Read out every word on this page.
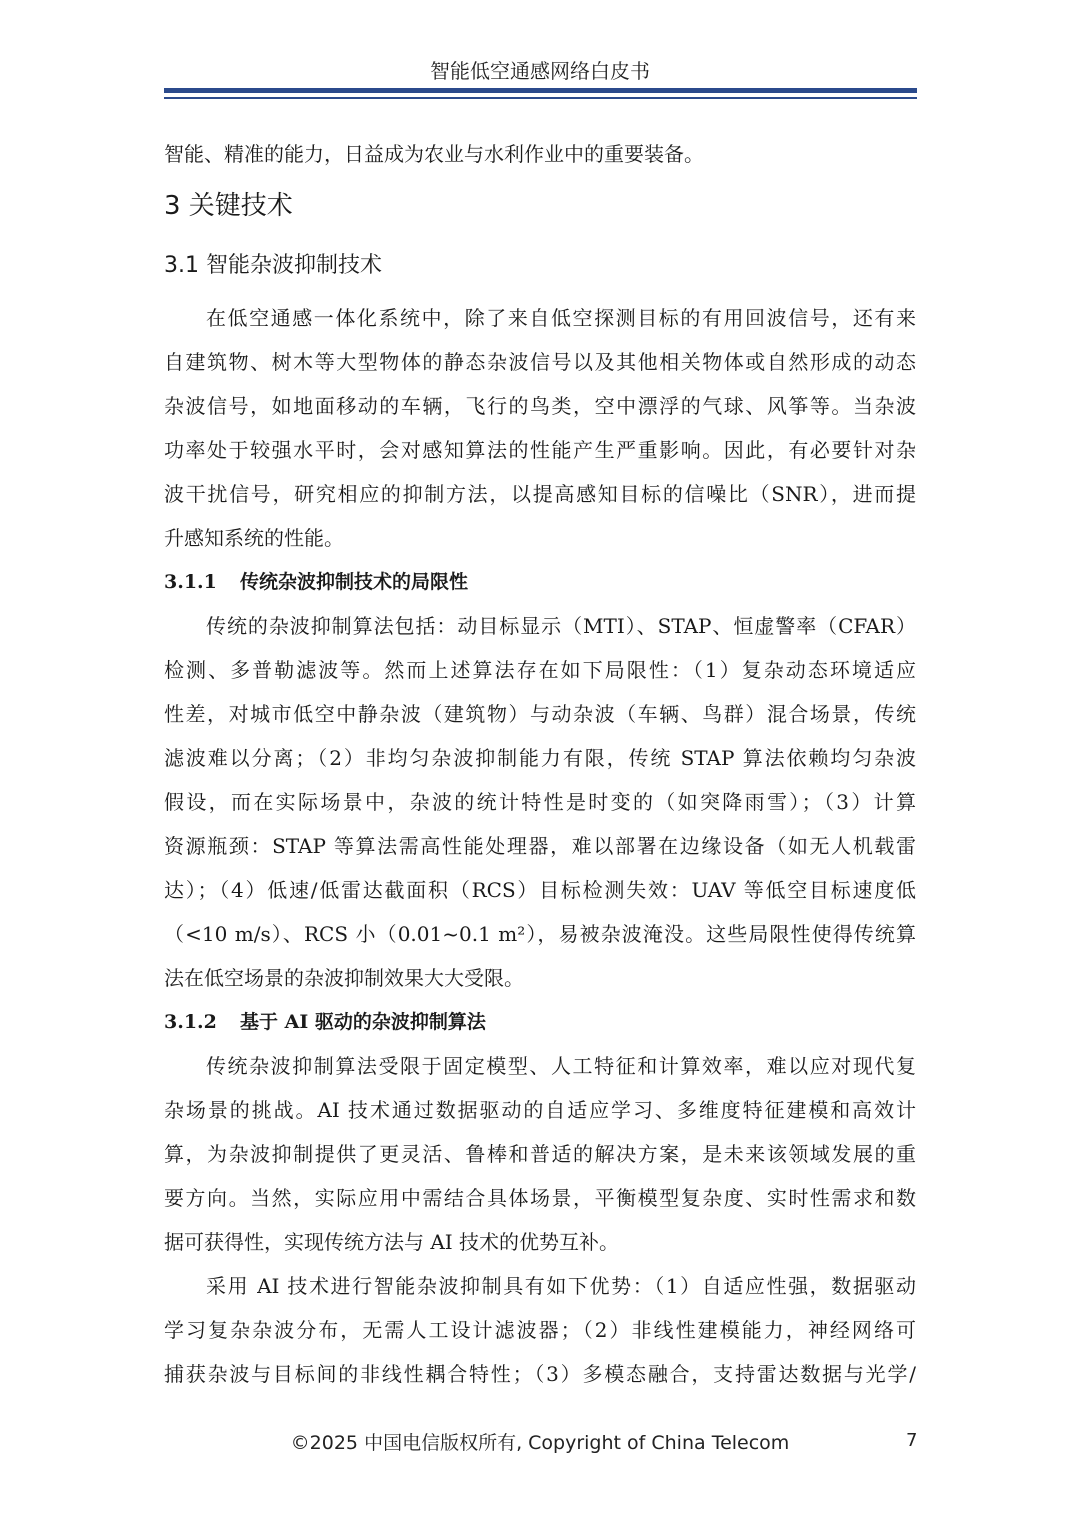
智能低空通感网络白皮书
智能、精准的能力，日益成为农业与水利作业中的重要装备。
3 关键技术
3.1 智能杂波抑制技术
在低空通感一体化系统中，除了来自低空探测目标的有用回波信号，还有来
自建筑物、树木等大型物体的静态杂波信号以及其他相关物体或自然形成的动态
杂波信号，如地面移动的车辆，飞行的鸟类，空中漂浮的气球、风筝等。当杂波
功率处于较强水平时，会对感知算法的性能产生严重影响。因此，有必要针对杂
波干扰信号，研究相应的抑制方法，以提高感知目标的信噪比（SNR），进而提
升感知系统的性能。
3.1.1 传统杂波抑制技术的局限性
传统的杂波抑制算法包括：动目标显示（MTI）、STAP、恒虚警率（CFAR）
检测、多普勒滤波等。然而上述算法存在如下局限性：（1）复杂动态环境适应
性差，对城市低空中静杂波（建筑物）与动杂波（车辆、鸟群）混合场景，传统
滤波难以分离；（2）非均匀杂波抑制能力有限，传统 STAP 算法依赖均匀杂波
假设，而在实际场景中，杂波的统计特性是时变的（如突降雨雪）；（3）计算
资源瓶颈：STAP 等算法需高性能处理器，难以部署在边缘设备（如无人机载雷
达）；（4）低速/低雷达截面积（RCS）目标检测失效：UAV 等低空目标速度低
（<10 m/s）、RCS 小（0.01~0.1 m²），易被杂波淹没。这些局限性使得传统算
法在低空场景的杂波抑制效果大大受限。
3.1.2 基于 AI 驱动的杂波抑制算法
传统杂波抑制算法受限于固定模型、人工特征和计算效率，难以应对现代复
杂场景的挑战。AI 技术通过数据驱动的自适应学习、多维度特征建模和高效计
算，为杂波抑制提供了更灵活、鲁棒和普适的解决方案，是未来该领域发展的重
要方向。当然，实际应用中需结合具体场景，平衡模型复杂度、实时性需求和数
据可获得性，实现传统方法与 AI 技术的优势互补。
采用 AI 技术进行智能杂波抑制具有如下优势：（1）自适应性强，数据驱动
学习复杂杂波分布，无需人工设计滤波器；（2）非线性建模能力，神经网络可
捕获杂波与目标间的非线性耦合特性；（3）多模态融合，支持雷达数据与光学/
©2025 中国电信版权所有, Copyright of China Telecom	7
